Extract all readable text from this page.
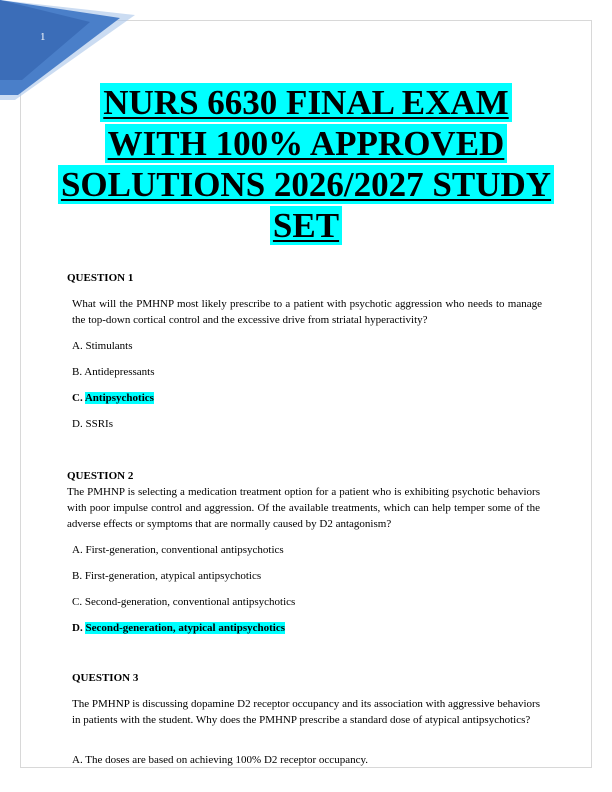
1
NURS 6630 FINAL EXAM
WITH 100% APPROVED
SOLUTIONS 2026/2027 STUDY
SET
QUESTION 1
What will the PMHNP most likely prescribe to a patient with psychotic aggression who needs to manage the top-down cortical control and the excessive drive from striatal hyperactivity?
A. Stimulants
B. Antidepressants
C. Antipsychotics
D. SSRIs
QUESTION 2
The PMHNP is selecting a medication treatment option for a patient who is exhibiting psychotic behaviors with poor impulse control and aggression. Of the available treatments, which can help temper some of the adverse effects or symptoms that are normally caused by D2 antagonism?
A. First-generation, conventional antipsychotics
B. First-generation, atypical antipsychotics
C. Second-generation, conventional antipsychotics
D. Second-generation, atypical antipsychotics
QUESTION 3
The PMHNP is discussing dopamine D2 receptor occupancy and its association with aggressive behaviors in patients with the student. Why does the PMHNP prescribe a standard dose of atypical antipsychotics?
A. The doses are based on achieving 100% D2 receptor occupancy.
